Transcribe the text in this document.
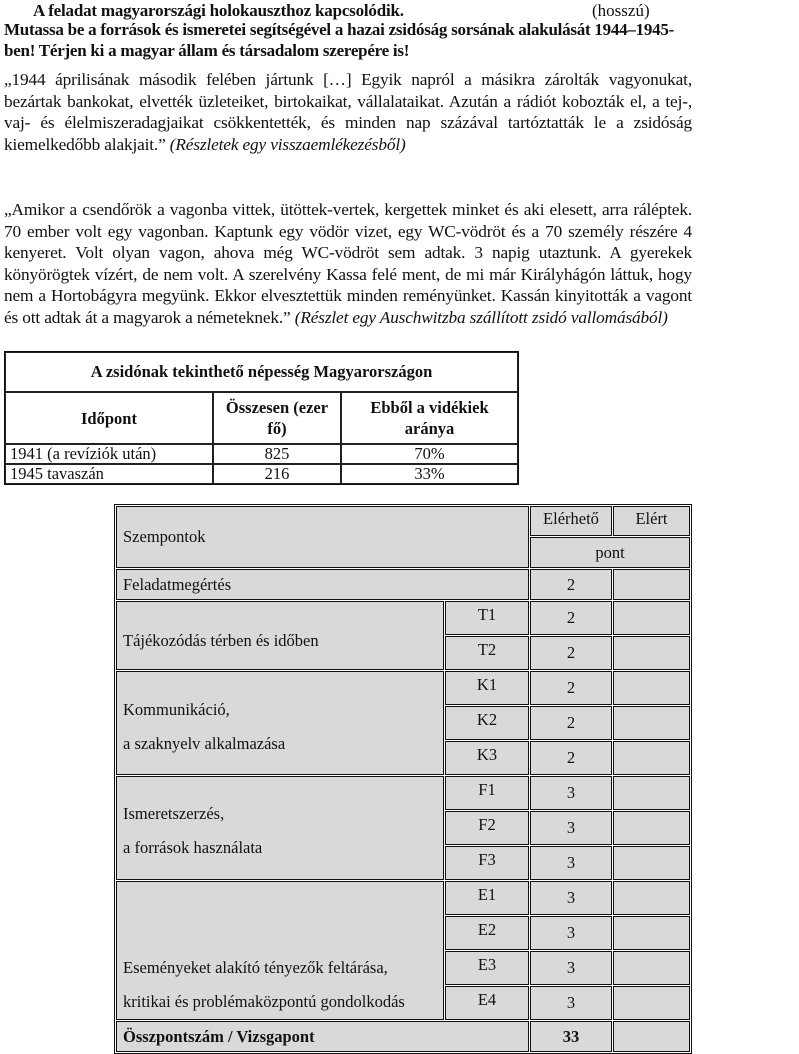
A feladat magyarországi holokauszthoz kapcsolódik.	(hosszú)
Mutassa be a források és ismeretei segítségével a hazai zsidóság sorsának alakulását 1944–1945-ben! Térjen ki a magyar állam és társadalom szerepére is!
„1944 áprilisának második felében jártunk […] Egyik napról a másikra zárolták vagyonukat, bezártak bankokat, elvették üzleteiket, birtokaikat, vállalataikat. Azután a rádiót kobozták el, a tej-, vaj- és élelmiszeradagjaikat csökkentették, és minden nap százával tartóztatták le a zsidóság kiemelkedőbb alakjait.” (Részletek egy visszaemlékezésből)
„Amikor a csendőrök a vagonba vittek, ütöttek-vertek, kergettek minket és aki elesett, arra ráléptek. 70 ember volt egy vagonban. Kaptunk egy vödör vizet, egy WC-vödröt és a 70 személy részére 4 kenyeret. Volt olyan vagon, ahova még WC-vödröt sem adtak. 3 napig utaztunk. A gyerekek könyörögtek vízért, de nem volt. A szerelvény Kassa felé ment, de mi már Királyhágón láttuk, hogy nem a Hortobágyra megyünk. Ekkor elvesztettük minden reményünket. Kassán kinyitották a vagont és ott adtak át a magyarok a németeknek.” (Részlet egy Auschwitzba szállított zsidó vallomásából)
A zsidónak tekinthető népesség Magyarországon		
Időpont	Összesen (ezer fő)	Ebből a vidékiek aránya
1941 (a revíziók után)	825	70%
1945 tavaszán	216	33%
Szempontok		Elérhető	Elért
		pont	
Feladatmegértés		2	

Tájékozódás térben és időben	T1	2	
	T2	2	

Kommunikáció,
a szaknyelv alkalmazása	K1	2	
	K2	2	
	K3	2	

Ismeretszerzés,
a források használata	F1	3	
	F2	3	
	F3	3	

Eseményeket alakító tényezők feltárása,
kritikai és problémaközpontú gondolkodás	E1	3	
	E2	3	
	E3	3	
	E4	3	
Összpontszám / Vizsgapont		33	
